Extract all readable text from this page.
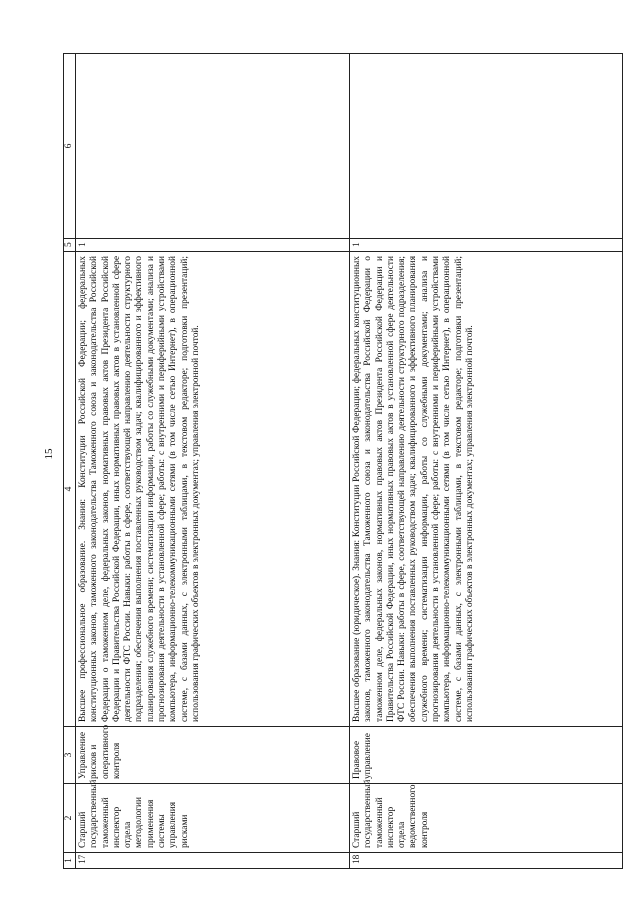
15
1	2	3	4	5	6
17	Старший государственный таможенный инспектор отдела методологии применения системы управления рисками	Управление рисков и оперативного контроля	Высшее профессиональное образование. Знания: Конституции Российской Федерации; федеральных конституционных законов, таможенного законодательства Таможенного союза и законодательства Российской Федерации о таможенном деле, федеральных законов, нормативных правовых актов Президента Российской Федерации и Правительства Российской Федерации, иных нормативных правовых актов в установленной сфере деятельности ФТС России. Навыки: работы в сфере, соответствующей направлению деятельности структурного подразделения; обеспечения выполнения поставленных руководством задач; квалифицированного и эффективного планирования служебного времени; систематизации информации, работы со служебными документами; анализа и прогнозирования деятельности в установленной сфере; работы: с внутренними и периферийными устройствами компьютера, информационно-телекоммуникационными сетями (в том числе сетью Интернет), в операционной системе, с базами данных, с электронными таблицами, в текстовом редакторе; подготовки презентаций; использования графических объектов в электронных документах; управления электронной почтой.	1	
18	Старший государственный таможенный инспектор отдела ведомственного контроля	Правовое управление	Высшее образование (юридическое). Знания: Конституции Российской Федерации; федеральных конституционных законов, таможенного законодательства Таможенного союза и законодательства Российской Федерации о таможенном деле, федеральных законов, нормативных правовых актов Президента Российской Федерации и Правительства Российской Федерации, иных нормативных правовых актов в установленной сфере деятельности ФТС России. Навыки: работы в сфере, соответствующей направлению деятельности структурного подразделения; обеспечения выполнения поставленных руководством задач; квалифицированного и эффективного планирования служебного времени; систематизации информации, работы со служебными документами; анализа и прогнозирования деятельности в установленной сфере; работы: с внутренними и периферийными устройствами компьютера, информационно-телекоммуникационными сетями (в том числе сетью Интернет), в операционной системе, с базами данных, с электронными таблицами, в текстовом редакторе; подготовки презентаций; использования графических объектов в электронных документах; управления электронной почтой.	1	
